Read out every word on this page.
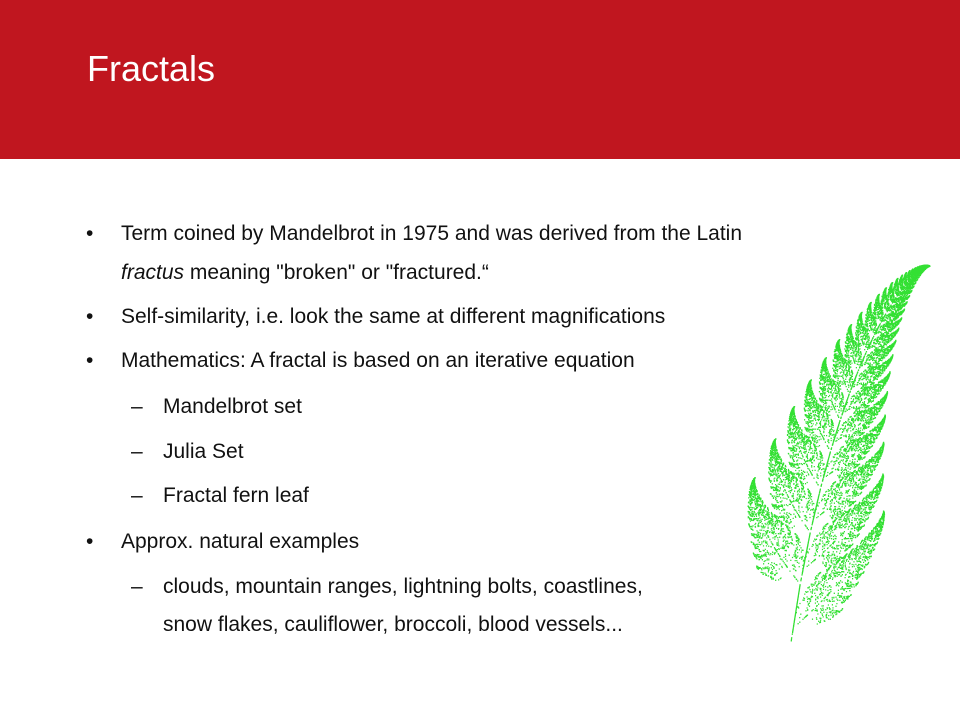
Fractals
• Term coined by Mandelbrot in 1975 and was derived from the Latin
fractus meaning "broken" or "fractured.“
• Self-similarity, i.e. look the same at different magnifications
• Mathematics: A fractal is based on an iterative equation
– Mandelbrot set
– Julia Set
– Fractal fern leaf
• Approx. natural examples
– clouds, mountain ranges, lightning bolts, coastlines,
snow flakes, cauliflower, broccoli, blood vessels...
